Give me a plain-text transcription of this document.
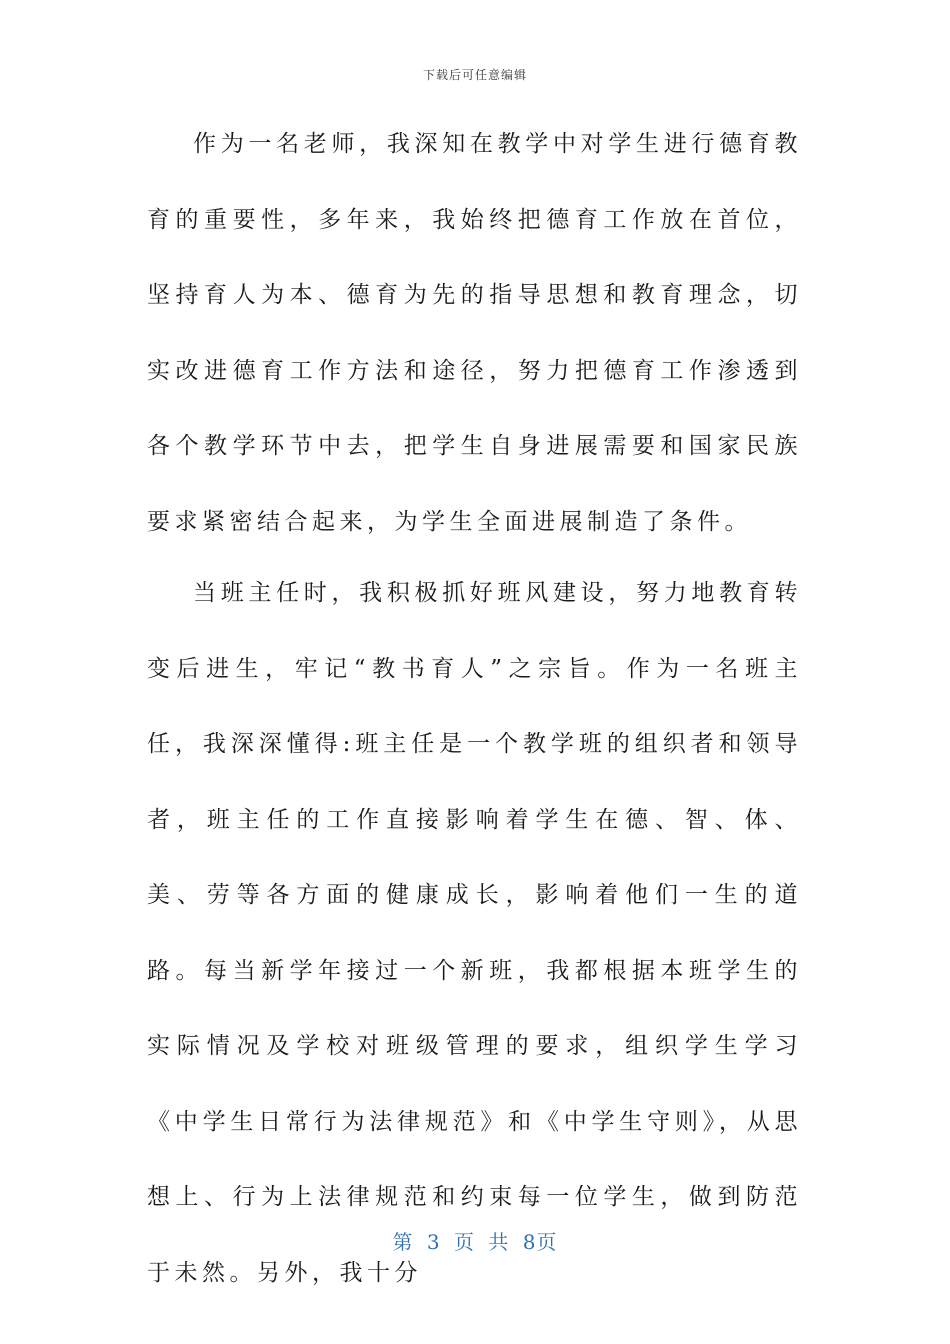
下载后可任意编辑

作为一名老师，我深知在教学中对学生进行德育教育的重要性，多年来，我始终把德育工作放在首位，坚持育人为本、德育为先的指导思想和教育理念，切实改进德育工作方法和途径，努力把德育工作渗透到各个教学环节中去，把学生自身进展需要和国家民族要求紧密结合起来，为学生全面进展制造了条件。

当班主任时，我积极抓好班风建设，努力地教育转变后进生，牢记“教书育人”之宗旨。作为一名班主任，我深深懂得:班主任是一个教学班的组织者和领导者，班主任的工作直接影响着学生在德、智、体、美、劳等各方面的健康成长，影响着他们一生的道路。每当新学年接过一个新班，我都根据本班学生的实际情况及学校对班级管理的要求，组织学生学习《中学生日常行为法律规范》和《中学生守则》，从思想上、行为上法律规范和约束每一位学生，做到防范于未然。另外，我十分

第 3 页 共 8页
